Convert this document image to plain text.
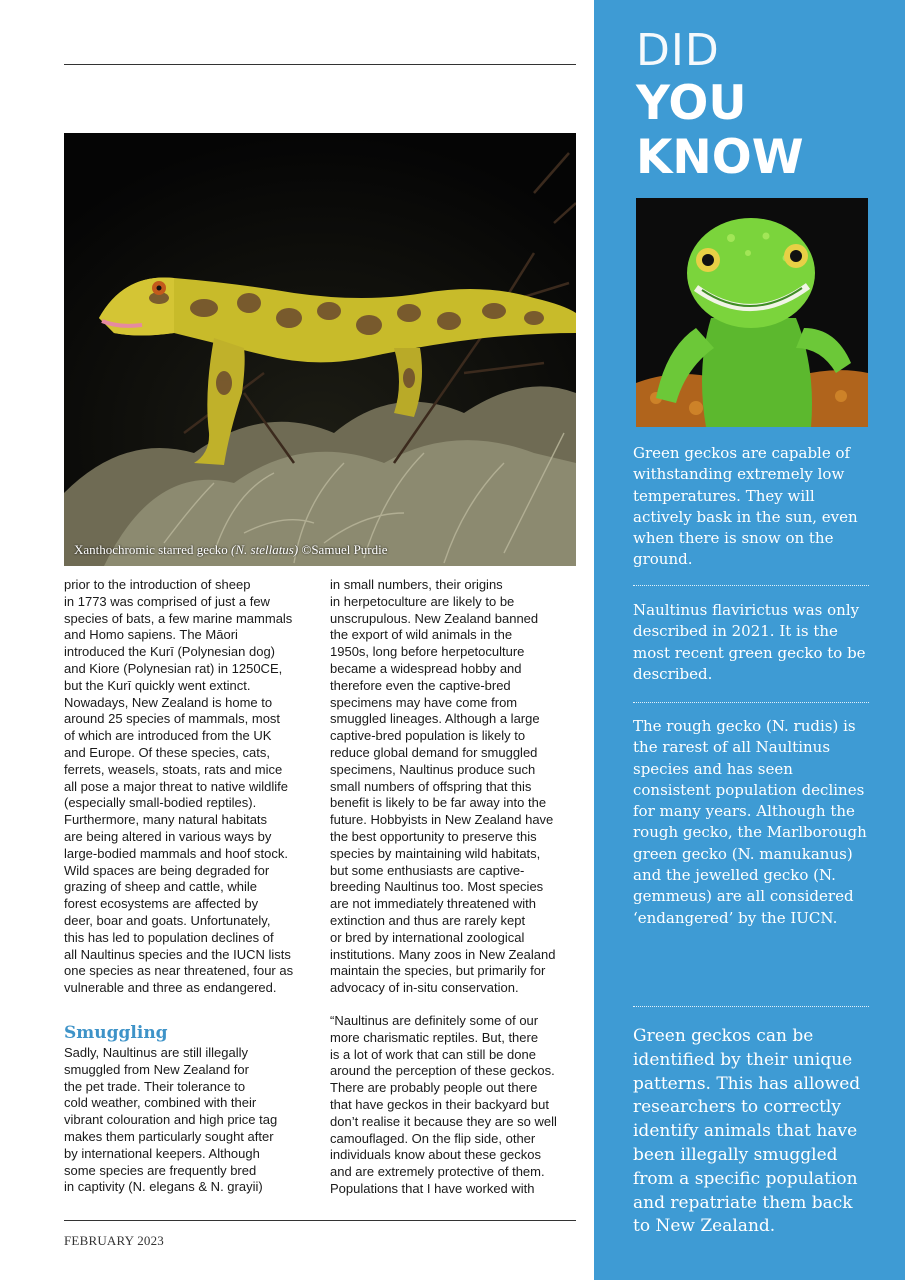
Xanthochromic starred gecko (N. stellatus) ©Samuel Purdie

prior to the introduction of sheep
in 1773 was comprised of just a few
species of bats, a few marine mammals
and Homo sapiens. The Māori
introduced the Kurī (Polynesian dog)
and Kiore (Polynesian rat) in 1250CE,
but the Kurī quickly went extinct.
Nowadays, New Zealand is home to
around 25 species of mammals, most
of which are introduced from the UK
and Europe. Of these species, cats,
ferrets, weasels, stoats, rats and mice
all pose a major threat to native wildlife
(especially small-bodied reptiles).
Furthermore, many natural habitats
are being altered in various ways by
large-bodied mammals and hoof stock.
Wild spaces are being degraded for
grazing of sheep and cattle, while
forest ecosystems are affected by
deer, boar and goats. Unfortunately,
this has led to population declines of
all Naultinus species and the IUCN lists
one species as near threatened, four as
vulnerable and three as endangered.

Smuggling

Sadly, Naultinus are still illegally
smuggled from New Zealand for
the pet trade. Their tolerance to
cold weather, combined with their
vibrant colouration and high price tag
makes them particularly sought after
by international keepers. Although
some species are frequently bred
in captivity (N. elegans & N. grayii)

in small numbers, their origins
in herpetoculture are likely to be
unscrupulous. New Zealand banned
the export of wild animals in the
1950s, long before herpetoculture
became a widespread hobby and
therefore even the captive-bred
specimens may have come from
smuggled lineages. Although a large
captive-bred population is likely to
reduce global demand for smuggled
specimens, Naultinus produce such
small numbers of offspring that this
benefit is likely to be far away into the
future. Hobbyists in New Zealand have
the best opportunity to preserve this
species by maintaining wild habitats,
but some enthusiasts are captive-
breeding Naultinus too. Most species
are not immediately threatened with
extinction and thus are rarely kept
or bred by international zoological
institutions. Many zoos in New Zealand
maintain the species, but primarily for
advocacy of in-situ conservation.

“Naultinus are definitely some of our
more charismatic reptiles. But, there
is a lot of work that can still be done
around the perception of these geckos.
There are probably people out there
that have geckos in their backyard but
don’t realise it because they are so well
camouflaged. On the flip side, other
individuals know about these geckos
and are extremely protective of them.
Populations that I have worked with

FEBRUARY 2023
DID
YOU
KNOW

Green geckos are capable of withstanding extremely low temperatures. They will actively bask in the sun, even when there is snow on the ground.

Naultinus flavirictus was only described in 2021. It is the most recent green gecko to be described.

The rough gecko (N. rudis) is the rarest of all Naultinus species and has seen consistent population declines for many years. Although the rough gecko, the Marlborough green gecko (N. manukanus) and the jewelled gecko (N. gemmeus) are all considered ‘endangered’ by the IUCN.

Green geckos can be identified by their unique patterns. This has allowed researchers to correctly identify animals that have been illegally smuggled from a specific population and repatriate them back to New Zealand.
